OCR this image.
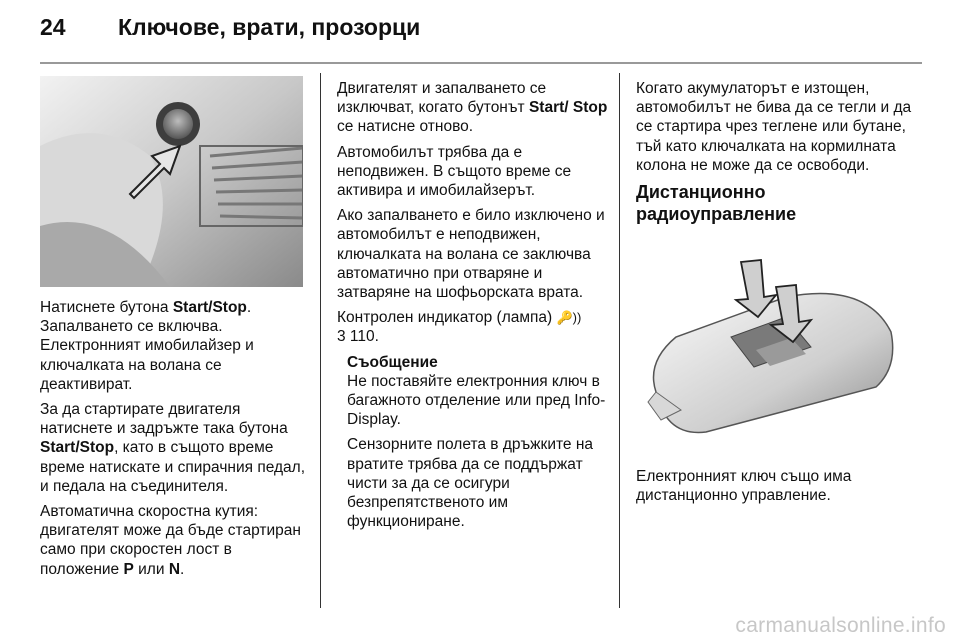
24 Ключове, врати, прозорци

Натиснете бутона Start/Stop. Запалването се включва. Електронният имобилайзер и ключалката на волана се деактивират.

За да стартирате двигателя натиснете и задръжте така бутона Start/Stop, като в същото време време натискате и спирачния педал, и педала на съединителя.

Автоматична скоростна кутия: двигателят може да бъде стартиран само при скоростен лост в положение P или N.

Двигателят и запалването се изключват, когато бутонът Start/ Stop се натисне отново.

Автомобилът трябва да е неподвижен. В същото време се активира и имобилайзерът.

Ако запалването е било изключено и автомобилът е неподвижен, ключалката на волана се заключва автоматично при отваряне и затваряне на шофьорската врата.

Контролен индикатор (лампа) 🔑))
3 110.

Съобщение

Не поставяйте електронния ключ в багажното отделение или пред Info-Display.

Сензорните полета в дръжките на вратите трябва да се поддържат чисти за да се осигури безпрепятственото им функциониране.

Когато акумулаторът е изтощен, автомобилът не бива да се тегли и да се стартира чрез теглене или бутане, тъй като ключалката на кормилната колона не може да се освободи.

Дистанционно радиоуправление

Електронният ключ също има дистанционно управление.

carmanualsonline.info
